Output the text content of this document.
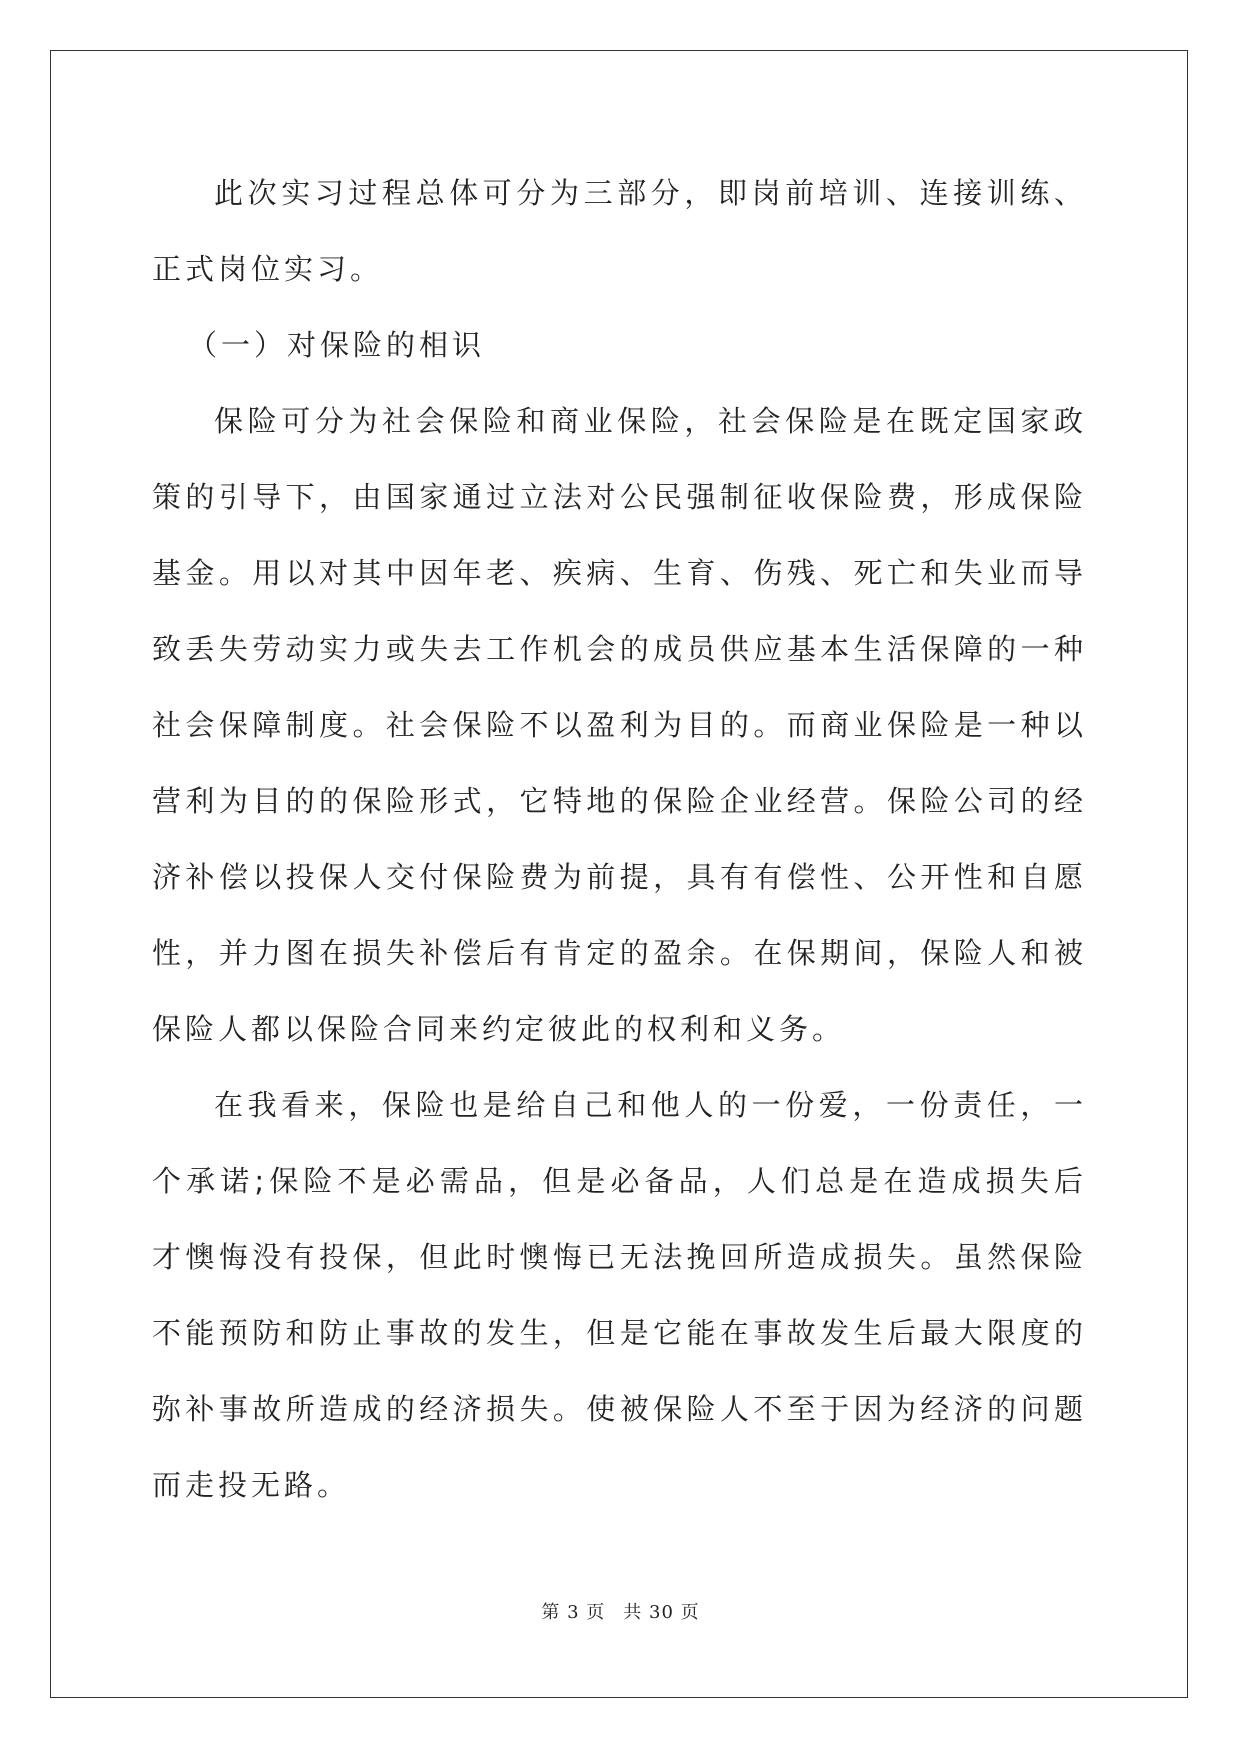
此次实习过程总体可分为三部分，即岗前培训、连接训练、正式岗位实习。

（一）对保险的相识

保险可分为社会保险和商业保险，社会保险是在既定国家政策的引导下，由国家通过立法对公民强制征收保险费，形成保险基金。用以对其中因年老、疾病、生育、伤残、死亡和失业而导致丢失劳动实力或失去工作机会的成员供应基本生活保障的一种社会保障制度。社会保险不以盈利为目的。而商业保险是一种以营利为目的的保险形式，它特地的保险企业经营。保险公司的经济补偿以投保人交付保险费为前提，具有有偿性、公开性和自愿性，并力图在损失补偿后有肯定的盈余。在保期间，保险人和被保险人都以保险合同来约定彼此的权利和义务。

在我看来，保险也是给自己和他人的一份爱，一份责任，一个承诺;保险不是必需品，但是必备品，人们总是在造成损失后才懊悔没有投保，但此时懊悔已无法挽回所造成损失。虽然保险不能预防和防止事故的发生，但是它能在事故发生后最大限度的弥补事故所造成的经济损失。使被保险人不至于因为经济的问题而走投无路。

第 3 页 共 30 页
